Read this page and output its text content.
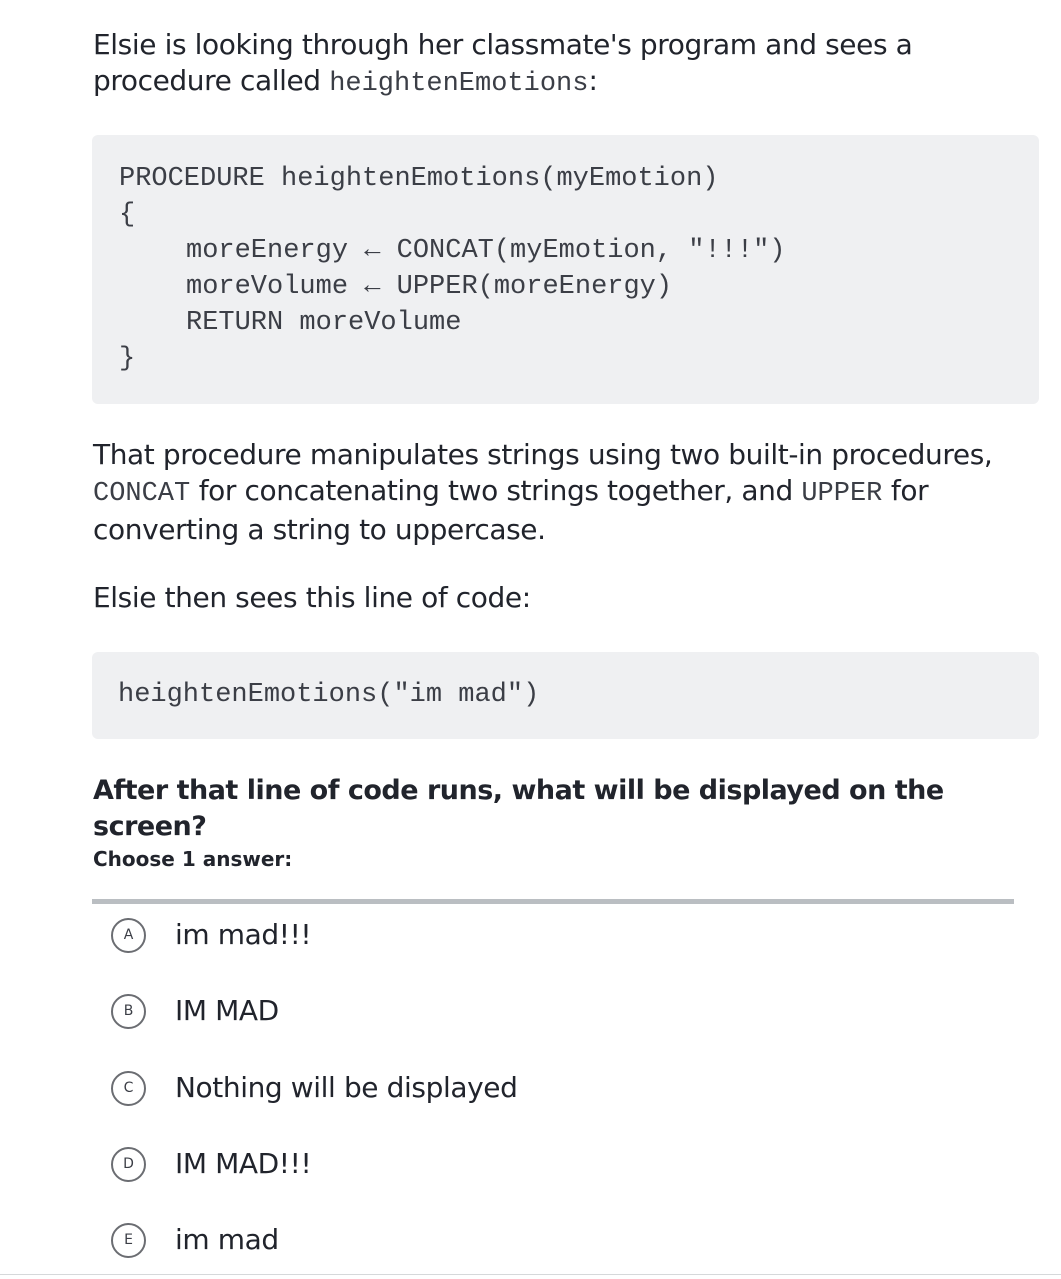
Elsie is looking through her classmate's program and sees a procedure called heightenEmotions:
PROCEDURE heightenEmotions(myEmotion)
{
moreEnergy ← CONCAT(myEmotion, "!!!")
moreVolume ← UPPER(moreEnergy)
RETURN moreVolume
}
That procedure manipulates strings using two built-in procedures, CONCAT for concatenating two strings together, and UPPER for converting a string to uppercase.
Elsie then sees this line of code:
heightenEmotions("im mad")
After that line of code runs, what will be displayed on the screen?
Choose 1 answer:
A	im mad!!!
B	IM MAD
C	Nothing will be displayed
D	IM MAD!!!
E	im mad
